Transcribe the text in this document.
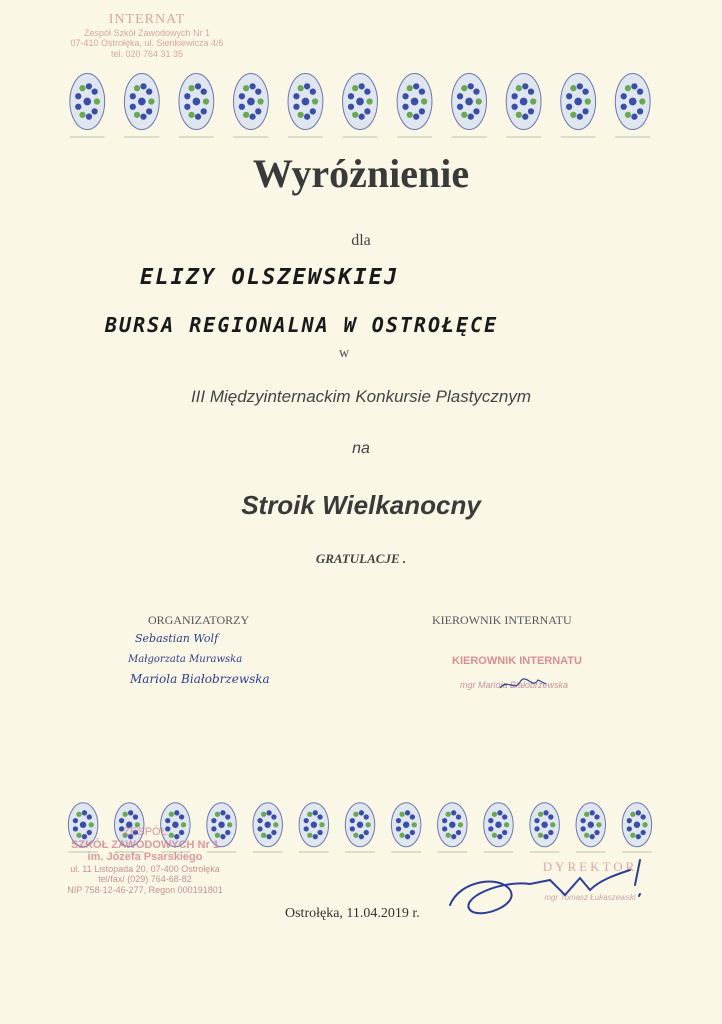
INTERNAT
Zespół Szkół Zawodowych Nr 1
07-410 Ostrołęka, ul. Sienkiewicza 4/6
tel. 020 764 31 35
Wyróżnienie
dla
ELIZY OLSZEWSKIEJ
BURSA REGIONALNA W OSTROŁĘCE
w
III Międzyinternackim Konkursie Plastycznym
na
Stroik Wielkanocny
GRATULACJE .
ORGANIZATORZY	KIEROWNIK INTERNATU
Sebastian Wolf
Małgorzata Murawska
Mariola Białobrzewska
KIEROWNIK INTERNATU
mgr Mariola Białobrzewska
ZESPÓŁ
SZKÓŁ ZAWODOWYCH Nr 1
im. Józefa Psarskiego
ul. 11 Listopada 20, 07-400 Ostrołęka
tel/fax/ (029) 764-68-82
NIP 758-12-46-277, Regon 000191801
DYREKTOR
mgr Tomasz Łukaszewski
Ostrołęka, 11.04.2019 r.
